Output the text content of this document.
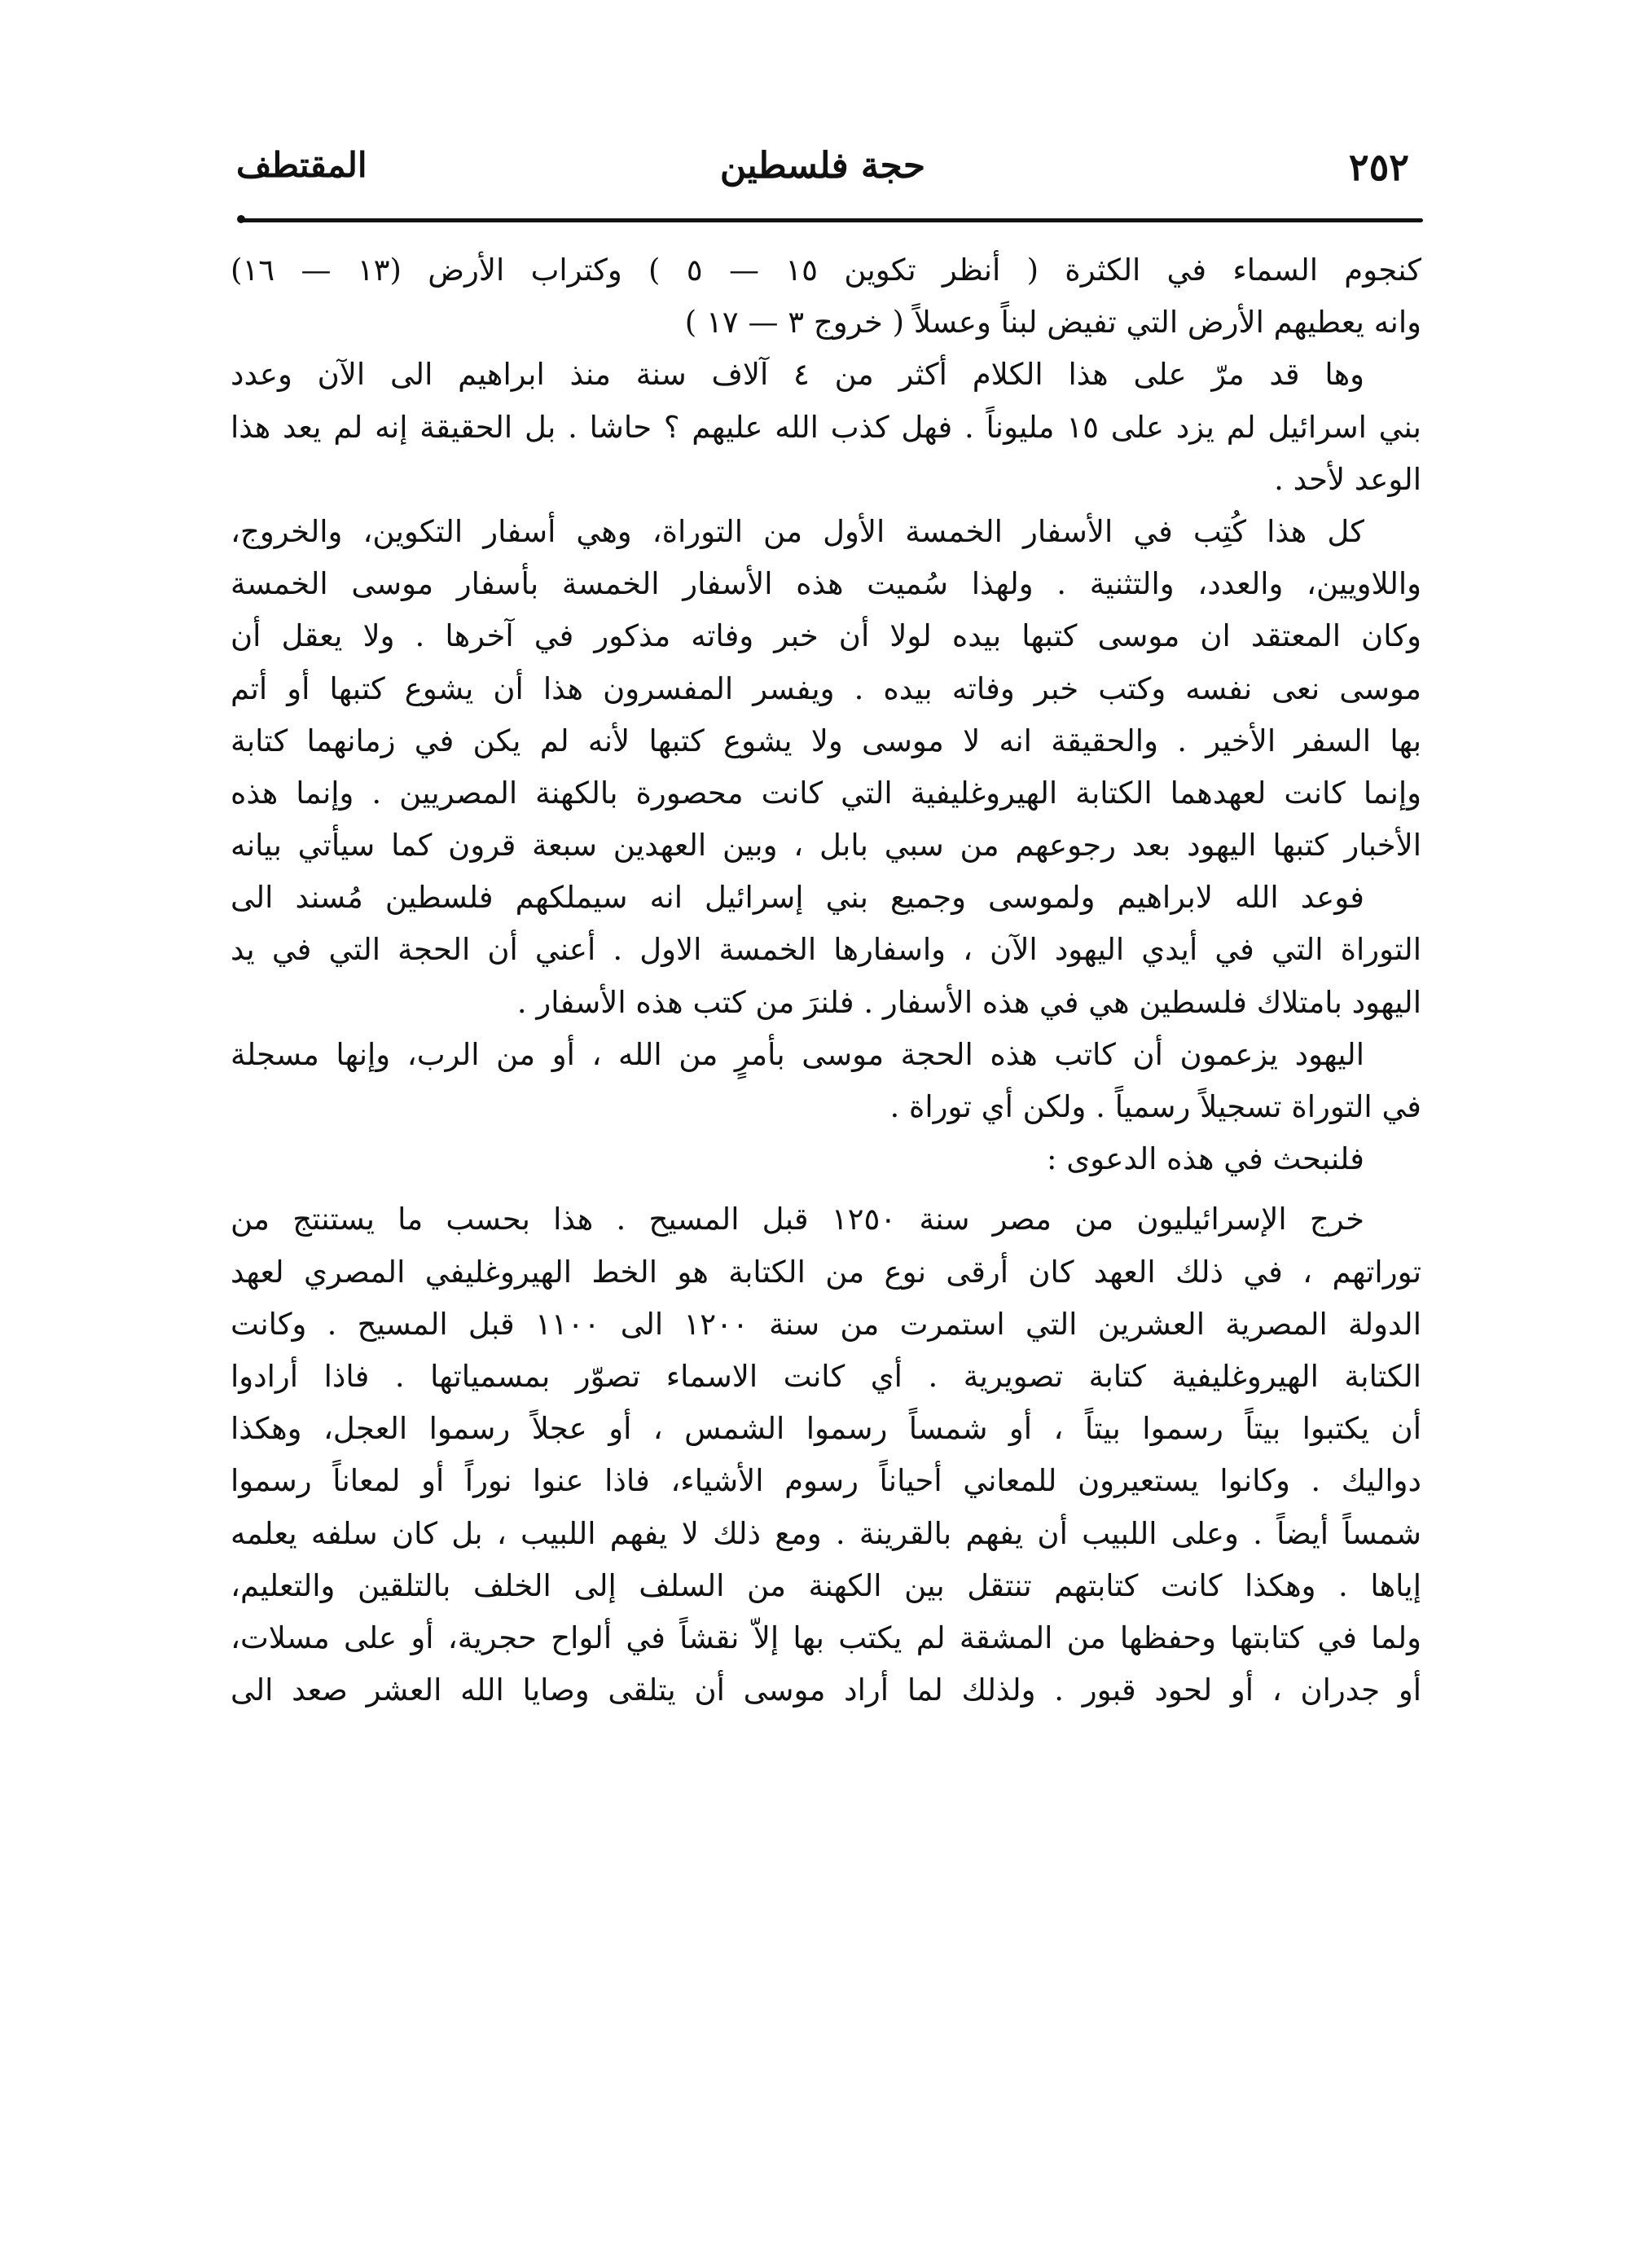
٢٥٢
حجة فلسطين
المقتطف
كنجوم السماء في الكثرة ( أنظر تكوين ١٥ — ٥ ) وكتراب الأرض (١٣ — ١٦)
وانه يعطيهم الأرض التي تفيض لبناً وعسلاً ( خروج ٣ — ١٧ )
وها قد مرّ على هذا الكلام أكثر من ٤ آلاف سنة منذ ابراهيم الى الآن وعدد
بني اسرائيل لم يزد على ١٥ مليوناً . فهل كذب الله عليهم ؟ حاشا . بل الحقيقة إنه لم يعد هذا
الوعد لأحد .
كل هذا كُتِب في الأسفار الخمسة الأول من التوراة، وهي أسفار التكوين، والخروج،
واللاويين، والعدد، والتثنية . ولهذا سُميت هذه الأسفار الخمسة بأسفار موسى الخمسة
وكان المعتقد ان موسى كتبها بيده لولا أن خبر وفاته مذكور في آخرها . ولا يعقل أن
موسى نعى نفسه وكتب خبر وفاته بيده . ويفسر المفسرون هذا أن يشوع كتبها أو أتم
بها السفر الأخير . والحقيقة انه لا موسى ولا يشوع كتبها لأنه لم يكن في زمانهما كتابة
وإنما كانت لعهدهما الكتابة الهيروغليفية التي كانت محصورة بالكهنة المصريين . وإنما هذه
الأخبار كتبها اليهود بعد رجوعهم من سبي بابل ، وبين العهدين سبعة قرون كما سيأتي بيانه
فوعد الله لابراهيم ولموسى وجميع بني إسرائيل انه سيملكهم فلسطين مُسند الى
التوراة التي في أيدي اليهود الآن ، واسفارها الخمسة الاول . أعني أن الحجة التي في يد
اليهود بامتلاك فلسطين هي في هذه الأسفار . فلنرَ من كتب هذه الأسفار .
اليهود يزعمون أن كاتب هذه الحجة موسى بأمرٍ من الله ، أو من الرب، وإنها مسجلة
في التوراة تسجيلاً رسمياً . ولكن أي توراة .
فلنبحث في هذه الدعوى :
خرج الإسرائيليون من مصر سنة ١٢٥٠ قبل المسيح . هذا بحسب ما يستنتج من
توراتهم ، في ذلك العهد كان أرقى نوع من الكتابة هو الخط الهيروغليفي المصري لعهد
الدولة المصرية العشرين التي استمرت من سنة ١٢٠٠ الى ١١٠٠ قبل المسيح . وكانت
الكتابة الهيروغليفية كتابة تصويرية . أي كانت الاسماء تصوّر بمسمياتها . فاذا أرادوا
أن يكتبوا بيتاً رسموا بيتاً ، أو شمساً رسموا الشمس ، أو عجلاً رسموا العجل، وهكذا
دواليك . وكانوا يستعيرون للمعاني أحياناً رسوم الأشياء، فاذا عنوا نوراً أو لمعاناً رسموا
شمساً أيضاً . وعلى اللبيب أن يفهم بالقرينة . ومع ذلك لا يفهم اللبيب ، بل كان سلفه يعلمه
إياها . وهكذا كانت كتابتهم تنتقل بين الكهنة من السلف إلى الخلف بالتلقين والتعليم،
ولما في كتابتها وحفظها من المشقة لم يكتب بها إلاّ نقشاً في ألواح حجرية، أو على مسلات،
أو جدران ، أو لحود قبور . ولذلك لما أراد موسى أن يتلقى وصايا الله العشر صعد الى
